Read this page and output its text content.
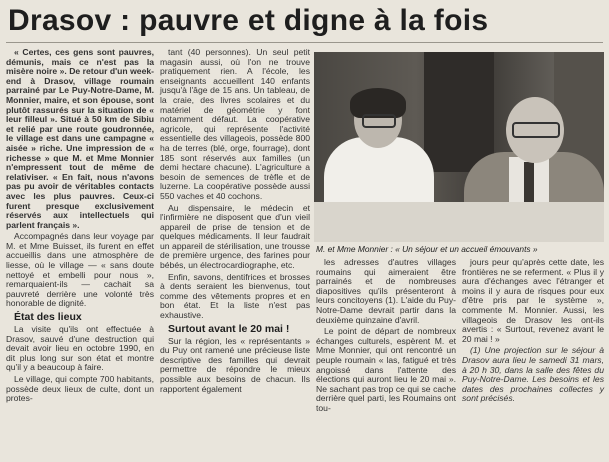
Drasov : pauvre et digne à la fois

« Certes, ces gens sont pauvres, démunis, mais ce n'est pas la misère noire ». De retour d'un week-end à Drasov, village roumain parrainé par Le Puy-Notre-Dame, M. Monnier, maire, et son épouse, sont plutôt rassurés sur la situation de « leur filleul ». Situé à 50 km de Sibiu et relié par une route goudronnée, le village est dans une campagne « aisée » riche. Une impression de « richesse » que M. et Mme Monnier n'empressent tout de même de relativiser. « En fait, nous n'avons pas pu avoir de véritables contacts avec les plus pauvres. Ceux-ci furent presque exclusivement réservés aux intellectuels qui parlent français ».

Accompagnés dans leur voyage par M. et Mme Buisset, ils furent en effet accueillis dans une atmosphère de liesse, où le village — « sans doute nettoyé et embelli pour nous », remarquaient-ils — cachait sa pauvreté derrière une volonté très honorable de dignité.

État des lieux

La visite qu'ils ont effectuée à Drasov, sauvé d'une destruction qui devait avoir lieu en octobre 1990, en dit plus long sur son état et montre qu'il y a beaucoup à faire.

Le village, qui compte 700 habitants, possède deux lieux de culte, dont un protes-

tant (40 personnes). Un seul petit magasin aussi, où l'on ne trouve pratiquement rien. A l'école, les enseignants accueillent 140 enfants jusqu'à l'âge de 15 ans. Un tableau, de la craie, des livres scolaires et du matériel de géométrie y font notamment défaut. La coopérative agricole, qui représente l'activité essentielle des villageois, possède 800 ha de terres (blé, orge, fourrage), dont 185 sont réservés aux familles (un demi hectare chacune). L'agriculture a besoin de semences de trèfle et de luzerne. La coopérative possède aussi 550 vaches et 40 cochons.

Au dispensaire, le médecin et l'infirmière ne disposent que d'un vieil appareil de prise de tension et de quelques médicaments. Il leur faudrait un appareil de stérilisation, une trousse de première urgence, des farines pour bébés, un électrocardiographe, etc.

Enfin, savons, dentifrices et brosses à dents seraient les bienvenus, tout comme des vêtements propres et en bon état. Et la liste n'est pas exhaustive.

Surtout avant le 20 mai !

Sur la région, les « représentants » du Puy ont ramené une précieuse liste descriptive des familles qui devrait permettre de répondre le mieux possible aux besoins de chacun. Ils rapportent également

M. et Mme Monnier : « Un séjour et un accueil émouvants »

les adresses d'autres villages roumains qui aimeraient être parrainés et de nombreuses diapositives qu'ils présenteront à leurs concitoyens (1). L'aide du Puy-Notre-Dame devrait partir dans la deuxième quinzaine d'avril.

Le point de départ de nombreux échanges culturels, espèrent M. et Mme Monnier, qui ont rencontré un peuple roumain « las, fatigué et très angoissé dans l'attente des élections qui auront lieu le 20 mai ». Ne sachant pas trop ce qui se cache derrière quel parti, les Roumains ont tou-

jours peur qu'après cette date, les frontières ne se referment. « Plus il y aura d'échanges avec l'étranger et moins il y aura de risques pour eux d'être pris par le système », commente M. Monnier. Aussi, les villageois de Drasov les ont-ils avertis : « Surtout, revenez avant le 20 mai ! »

(1) Une projection sur le séjour à Drasov aura lieu le samedi 31 mars, à 20 h 30, dans la salle des fêtes du Puy-Notre-Dame. Les besoins et les dates des prochaines collectes y sont précisés.
